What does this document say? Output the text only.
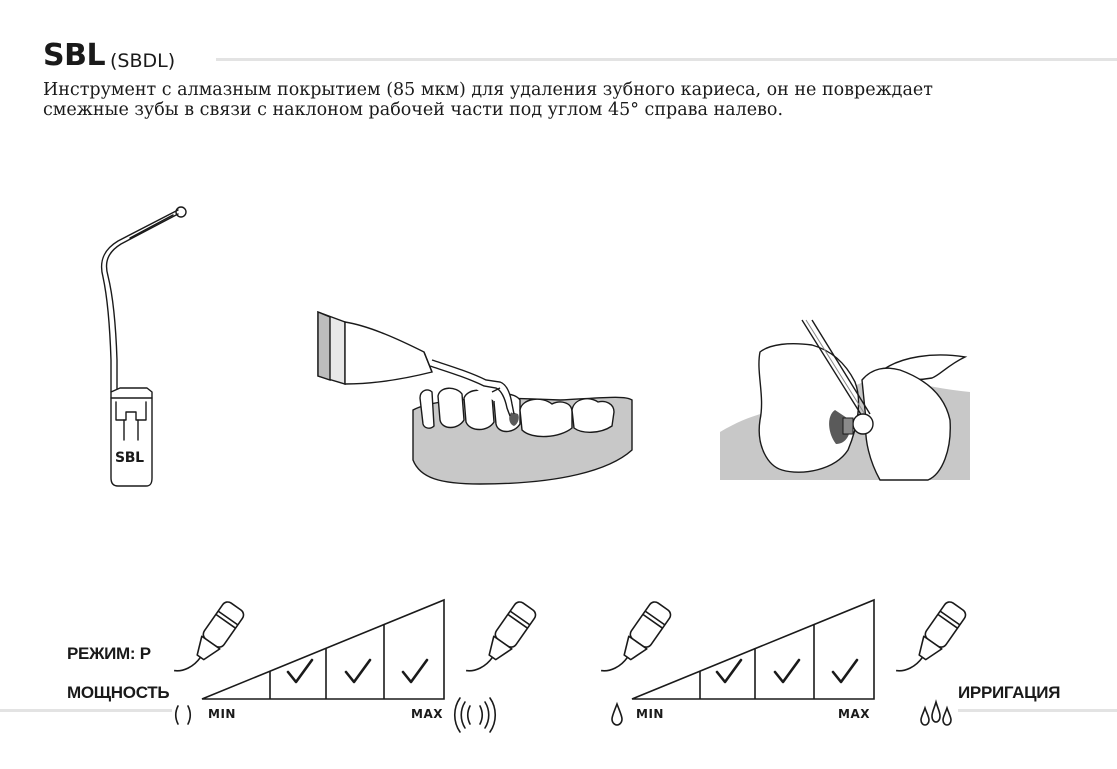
SBL (SBDL)
Инструмент с алмазным покрытием (85 мкм) для удаления зубного кариеса, он не повреждает
смежные зубы в связи с наклоном рабочей части под углом 45° справа налево.
SBL
РЕЖИМ: P
МОЩНОСТЬ
MIN	MAX	MIN	MAX
ИРРИГАЦИЯ
